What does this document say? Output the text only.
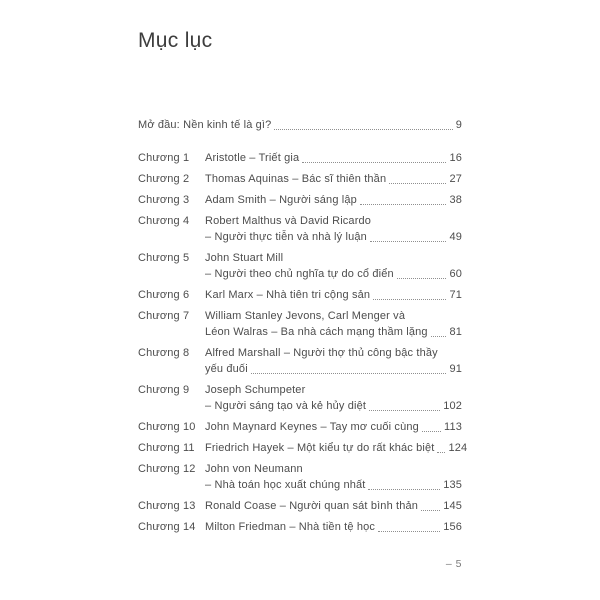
Mục lục
Mở đầu: Nền kinh tế là gì?	9
Chương 1	Aristotle – Triết gia	16
Chương 2	Thomas Aquinas – Bác sĩ thiên thần	27
Chương 3	Adam Smith – Người sáng lập	38
Chương 4	Robert Malthus và David Ricardo
– Người thực tiễn và nhà lý luận	49
Chương 5	John Stuart Mill
– Người theo chủ nghĩa tự do cổ điển	60
Chương 6	Karl Marx – Nhà tiên tri cộng sản	71
Chương 7	William Stanley Jevons, Carl Menger và
Léon Walras – Ba nhà cách mạng thầm lặng 81
Chương 8	Alfred Marshall – Người thợ thủ công bậc thầy
yếu đuối	91
Chương 9	Joseph Schumpeter
– Người sáng tạo và kẻ hủy diệt	102
Chương 10 John Maynard Keynes – Tay mơ cuối cùng 113
Chương 11 Friedrich Hayek – Một kiểu tự do rất khác biệt 124
Chương 12 John von Neumann
– Nhà toán học xuất chúng nhất	135
Chương 13 Ronald Coase – Người quan sát bình thản 145
Chương 14 Milton Friedman – Nhà tiền tệ học	156
– 5
